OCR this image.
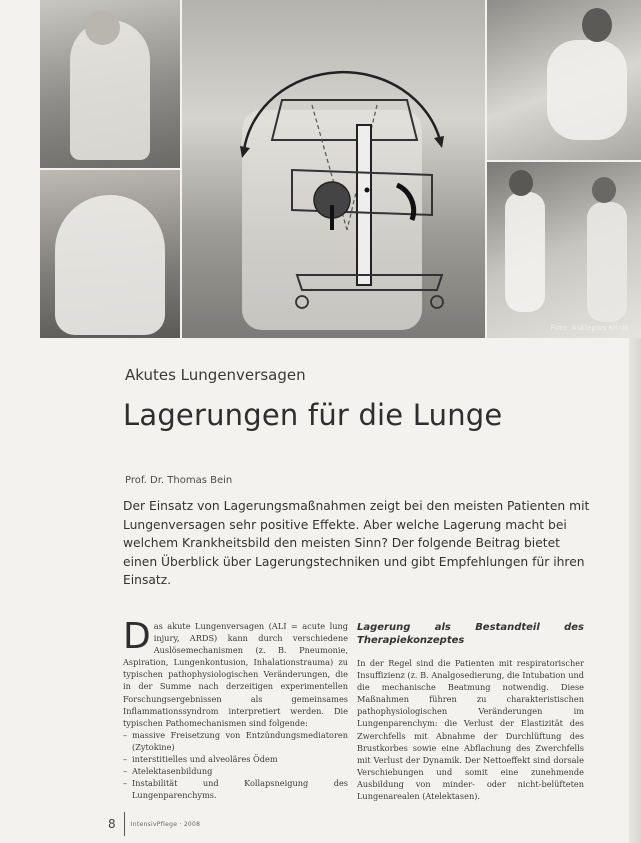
Foto: Asklepios Klinik
Akutes Lungenversagen
Lagerungen für die Lunge
Prof. Dr. Thomas Bein

Der Einsatz von Lagerungsmaßnahmen zeigt bei den meisten Patienten mit Lungenversagen sehr positive Effekte. Aber welche Lagerung macht bei welchem Krankheitsbild den meisten Sinn? Der folgende Beitrag bietet einen Überblick über Lagerungstechniken und gibt Empfehlungen für ihren Einsatz.

Das akute Lungenversagen (ALI = acute lung injury, ARDS) kann durch verschiedene Auslösemechanismen (z. B. Pneumonie, Aspiration, Lungenkontusion, Inhalationstrauma) zu typischen pathophysiologischen Veränderungen, die in der Summe nach derzeitigen experimentellen Forschungsergebnissen als gemeinsames Inflammationssyndrom interpretiert werden. Die typischen Pathomechanismen sind folgende:
– massive Freisetzung von Entzündungsmediatoren (Zytokine)
– interstitielles und alveoläres Ödem
– Atelektasenbildung
– Instabilität und Kollapsneigung des Lungenparenchyms.
Lagerung als Bestandteil des Therapiekonzeptes
In der Regel sind die Patienten mit respiratorischer Insuffizienz (z. B. Analgosedierung, die Intubation und die mechanische Beatmung notwendig. Diese Maßnahmen führen zu charakteristischen pathophysiologischen Veränderungen im Lungenparenchym: die Verlust der Elastizität des Zwerchfells mit Abnahme der Durchlüftung des Brustkorbes sowie eine Abflachung des Zwerchfells mit Verlust der Dynamik. Der Nettoeffekt sind dorsale Verschiebungen und somit eine zunehmende Ausbildung von minder- oder nicht-belüfteten Lungenarealen (Atelektasen).
8	IntensivPflege · 2008
